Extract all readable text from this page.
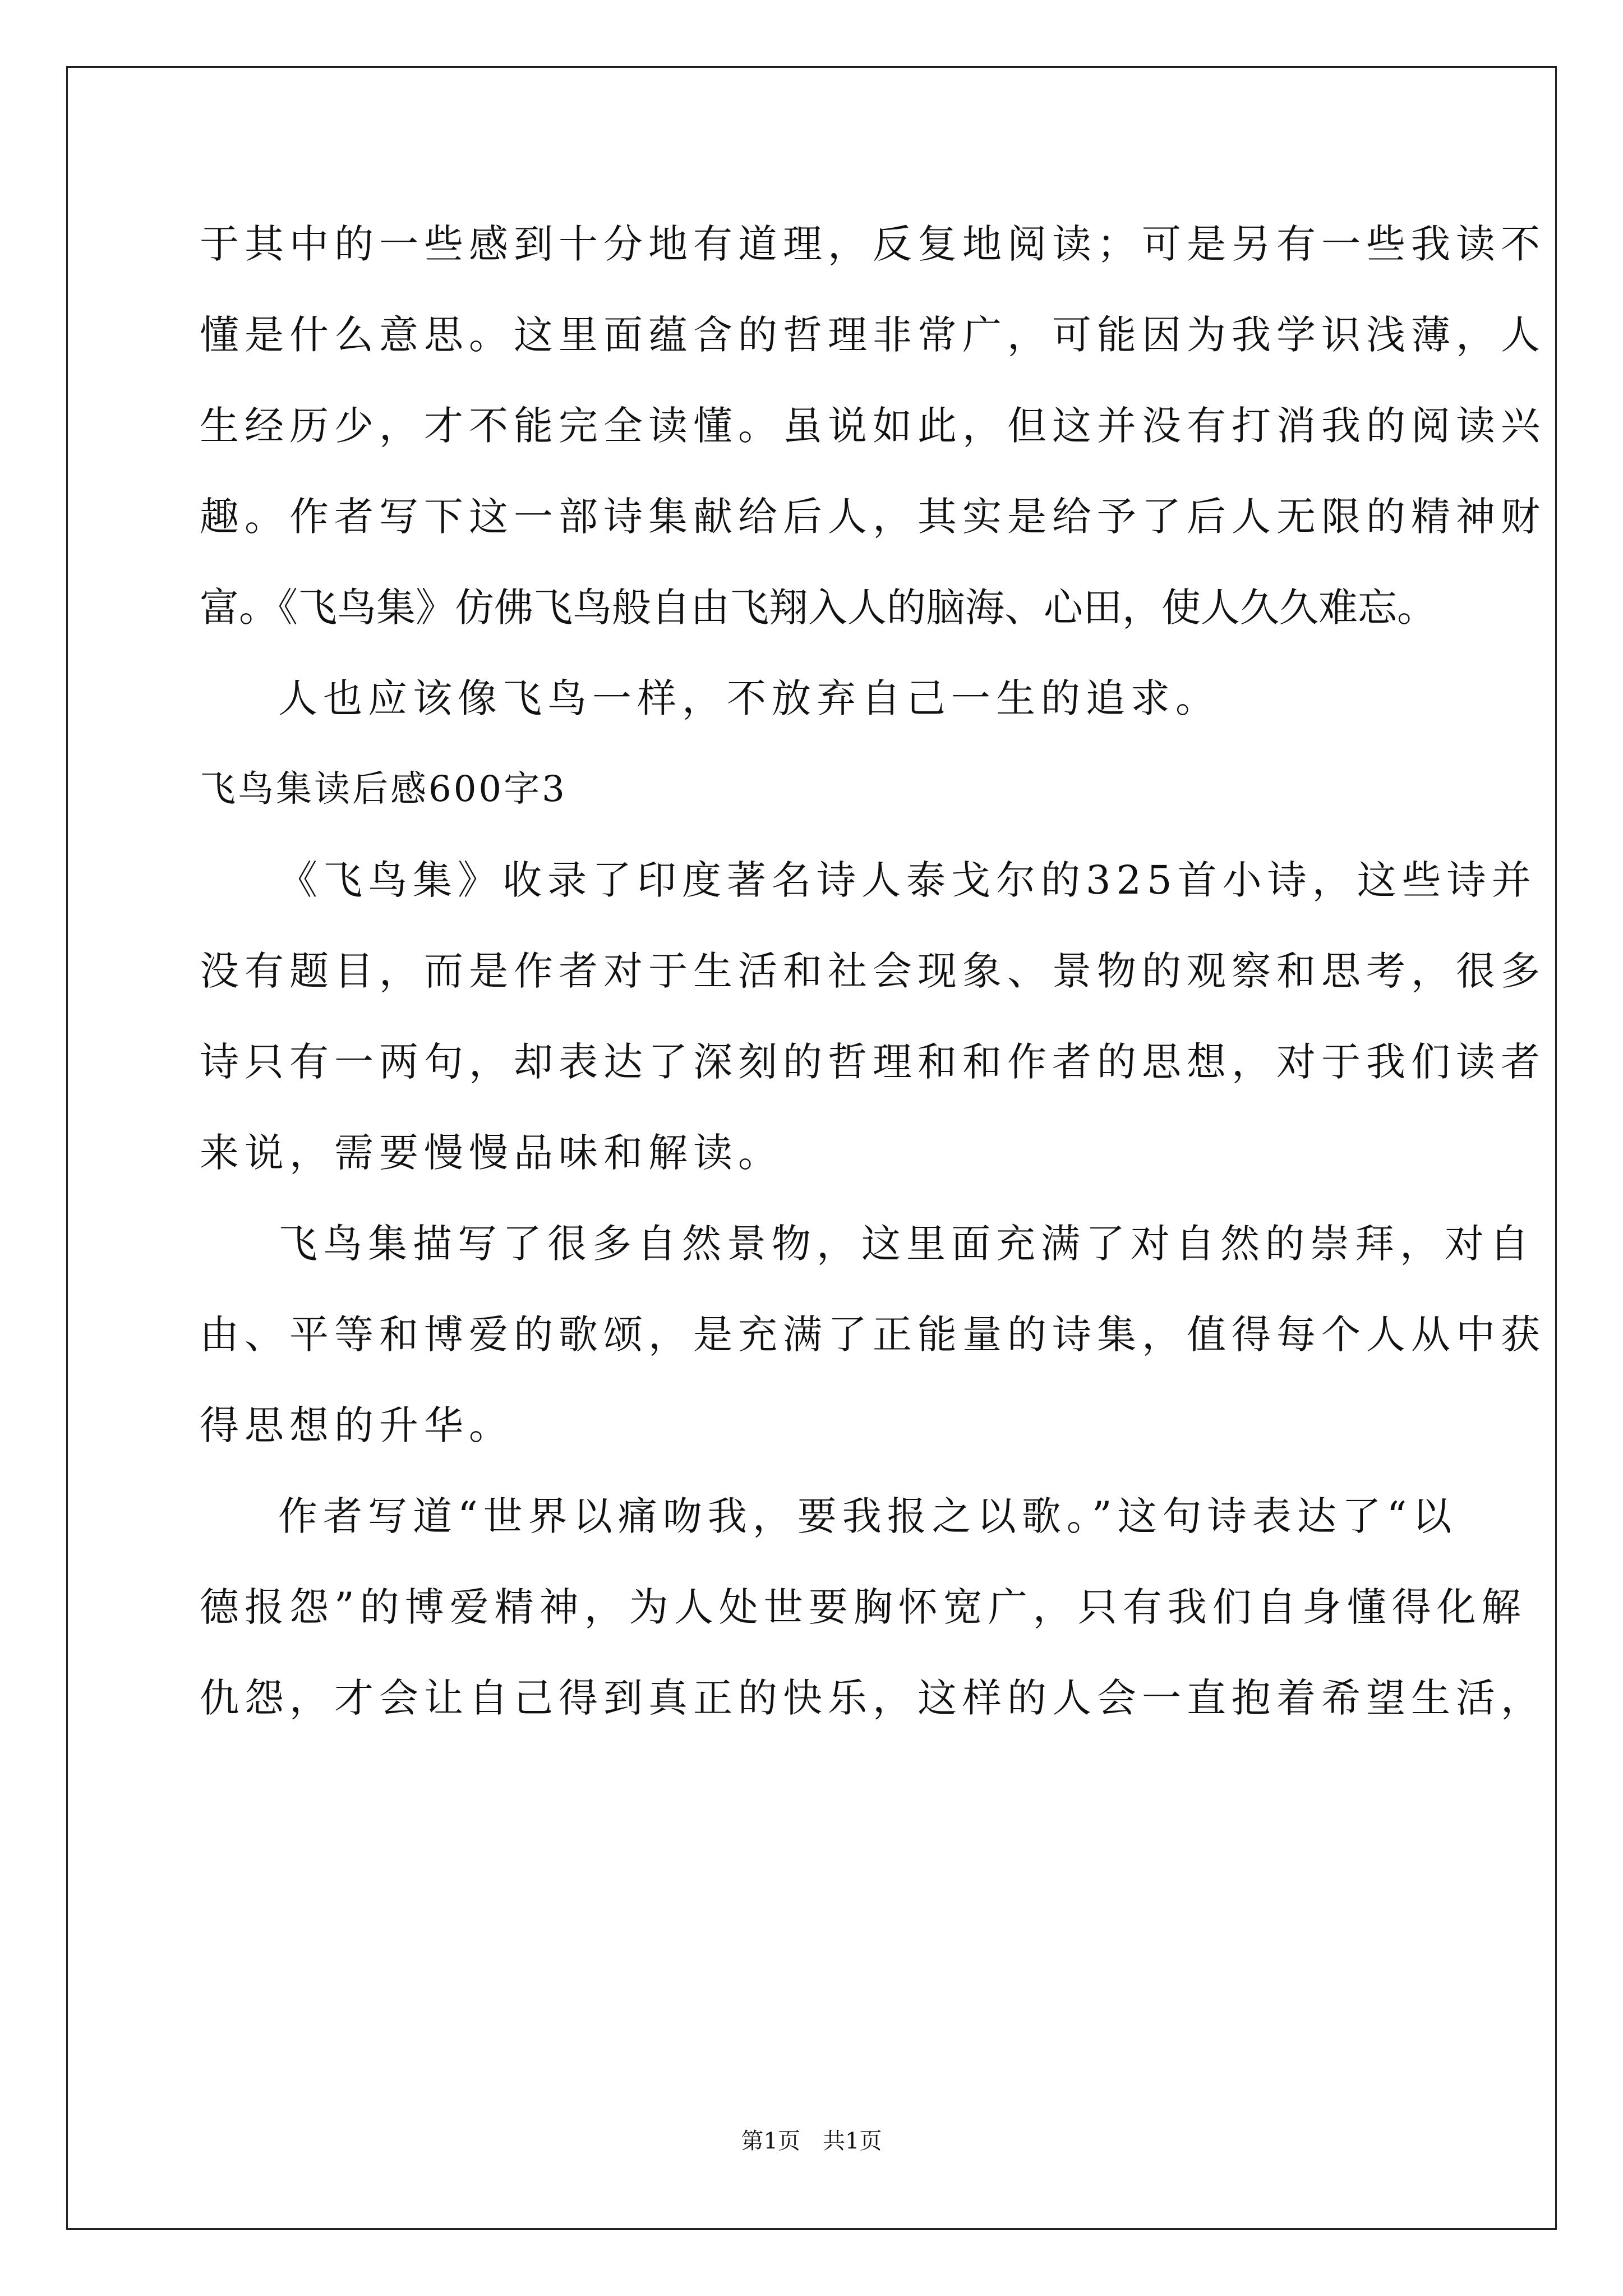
于其中的一些感到十分地有道理，反复地阅读；可是另有一些我读不
懂是什么意思。这里面蕴含的哲理非常广，可能因为我学识浅薄，人
生经历少，才不能完全读懂。虽说如此，但这并没有打消我的阅读兴
趣。作者写下这一部诗集献给后人，其实是给予了后人无限的精神财
富。《飞鸟集》仿佛飞鸟般自由飞翔入人的脑海、心田，使人久久难忘。
人也应该像飞鸟一样，不放弃自己一生的追求。
飞鸟集读后感600字3
《飞鸟集》收录了印度著名诗人泰戈尔的325首小诗，这些诗并
没有题目，而是作者对于生活和社会现象、景物的观察和思考，很多
诗只有一两句，却表达了深刻的哲理和和作者的思想，对于我们读者
来说，需要慢慢品味和解读。
飞鸟集描写了很多自然景物，这里面充满了对自然的崇拜，对自
由、平等和博爱的歌颂，是充满了正能量的诗集，值得每个人从中获
得思想的升华。
作者写道“世界以痛吻我，要我报之以歌。”这句诗表达了“以
德报怨”的博爱精神，为人处世要胸怀宽广，只有我们自身懂得化解
仇怨，才会让自己得到真正的快乐，这样的人会一直抱着希望生活，
第1页　共1页
